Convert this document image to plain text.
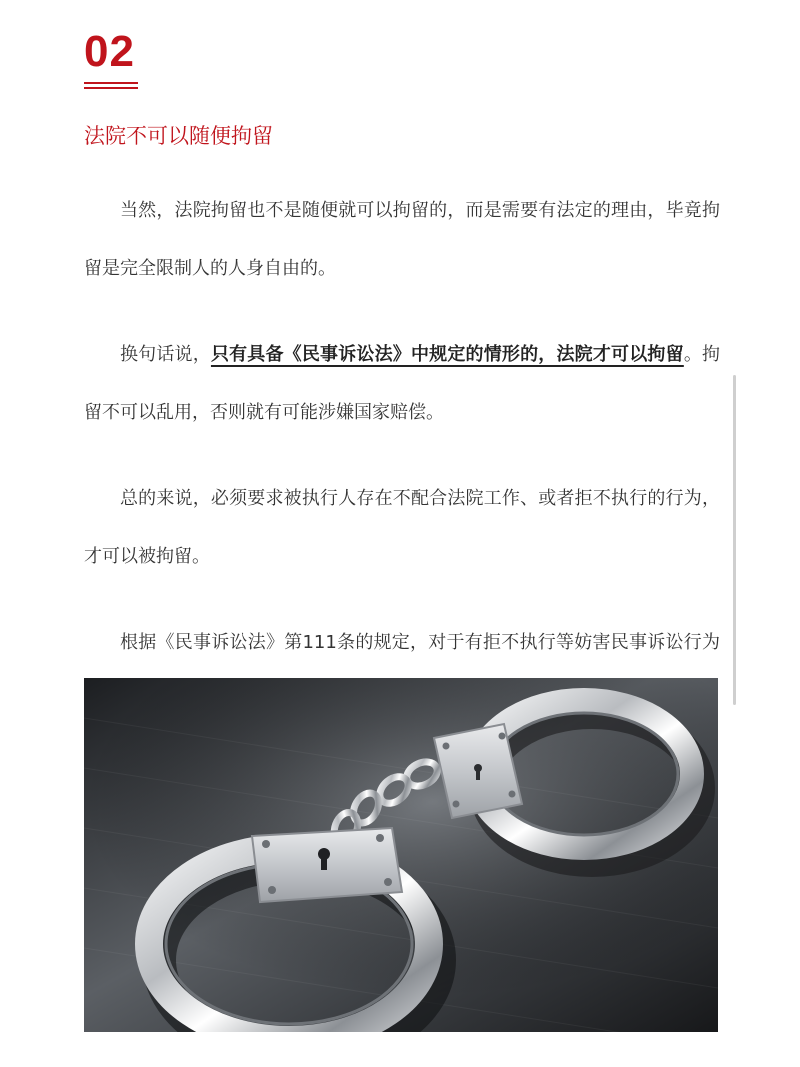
02
法院不可以随便拘留

当然，法院拘留也不是随便就可以拘留的，而是需要有法定的理由，毕竟拘留是完全限制人的人身自由的。

换句话说，只有具备《民事诉讼法》中规定的情形的，法院才可以拘留。拘留不可以乱用，否则就有可能涉嫌国家赔偿。

总的来说，必须要求被执行人存在不配合法院工作、或者拒不执行的行为，才可以被拘留。

根据《民事诉讼法》第111条的规定，对于有拒不执行等妨害民事诉讼行为
